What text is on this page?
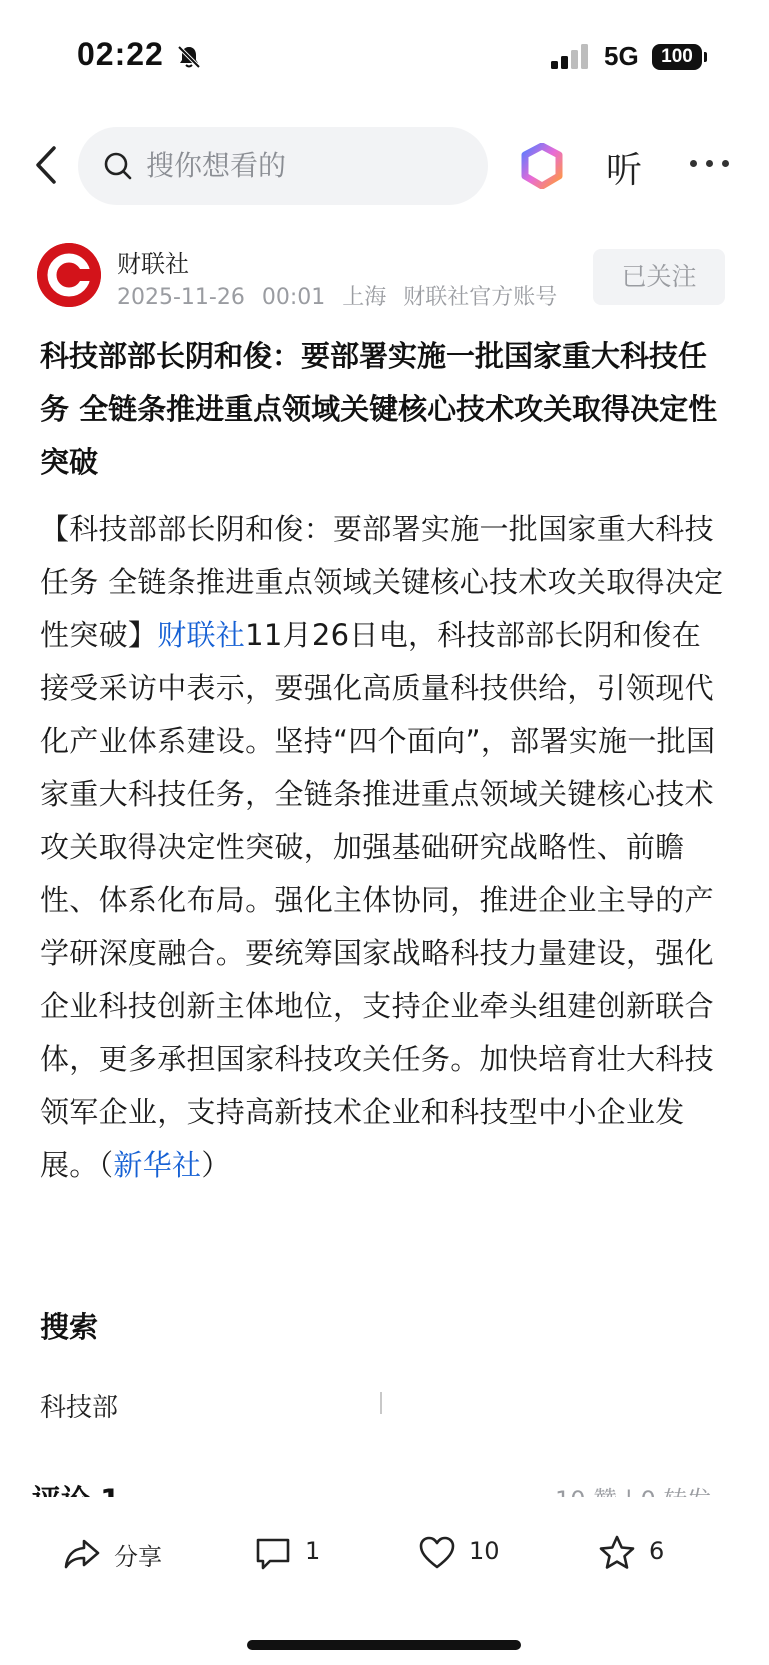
02:22	5G	100
搜你想看的	听
财联社
2025-11-26 00:01 上海 财联社官方账号
已关注
科技部部长阴和俊：要部署实施一批国家重大科技任务 全链条推进重点领域关键核心技术攻关取得决定性突破
【科技部部长阴和俊：要部署实施一批国家重大科技任务 全链条推进重点领域关键核心技术攻关取得决定性突破】财联社11月26日电，科技部部长阴和俊在接受采访中表示，要强化高质量科技供给，引领现代化产业体系建设。坚持“四个面向”，部署实施一批国家重大科技任务，全链条推进重点领域关键核心技术攻关取得决定性突破，加强基础研究战略性、前瞻性、体系化布局。强化主体协同，推进企业主导的产学研深度融合。要统筹国家战略科技力量建设，强化企业科技创新主体地位，支持企业牵头组建创新联合体，更多承担国家科技攻关任务。加快培育壮大科技领军企业，支持高新技术企业和科技型中小企业发展。（新华社）
搜索
科技部
分享	1	10	6
